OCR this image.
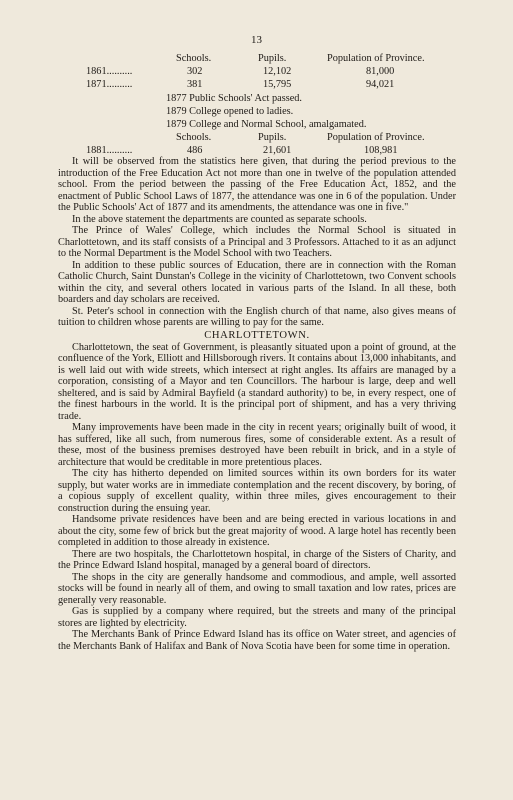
13
Schools.	Pupils.	Population of Province.
1861..........	302	12,102	81,000
1871..........	381	15,795	94,021
1877 Public Schools' Act passed.
1879 College opened to ladies.
1879 College and Normal School, amalgamated.
Schools.	Pupils.	Population of Province.
1881..........	486	21,601	108,981

It will be observed from the statistics here given, that during the period previous to the introduction of the Free Education Act not more than one in twelve of the population attended school. From the period between the passing of the Free Education Act, 1852, and the enactment of Public School Laws of 1877, the attendance was one in 6 of the population. Under the Public Schools' Act of 1877 and its amendments, the attendance was one in five."

In the above statement the departments are counted as separate schools.

The Prince of Wales' College, which includes the Normal School is situated in Charlottetown, and its staff consists of a Principal and 3 Professors. Attached to it as an adjunct to the Normal Department is the Model School with two Teachers.

In addition to these public sources of Education, there are in connection with the Roman Catholic Church, Saint Dunstan's College in the vicinity of Charlottetown, two Convent schools within the city, and several others located in various parts of the Island. In all these, both boarders and day scholars are received.

St. Peter's school in connection with the English church of that name, also gives means of tuition to children whose parents are willing to pay for the same.

CHARLOTTETOWN.

Charlottetown, the seat of Government, is pleasantly situated upon a point of ground, at the confluence of the York, Elliott and Hillsborough rivers. It contains about 13,000 inhabitants, and is well laid out with wide streets, which intersect at right angles. Its affairs are managed by a corporation, consisting of a Mayor and ten Councillors. The harbour is large, deep and well sheltered, and is said by Admiral Bayfield (a standard authority) to be, in every respect, one of the finest harbours in the world. It is the principal port of shipment, and has a very thriving trade.

Many improvements have been made in the city in recent years; originally built of wood, it has suffered, like all such, from numerous fires, some of considerable extent. As a result of these, most of the business premises destroyed have been rebuilt in brick, and in a style of architecture that would be creditable in more pretentious places.

The city has hitherto depended on limited sources within its own borders for its water supply, but water works are in immediate contemplation and the recent discovery, by boring, of a copious supply of excellent quality, within three miles, gives encouragement to their construction during the ensuing year.

Handsome private residences have been and are being erected in various locations in and about the city, some few of brick but the great majority of wood. A large hotel has recently been completed in addition to those already in existence.

There are two hospitals, the Charlottetown hospital, in charge of the Sisters of Charity, and the Prince Edward Island hospital, managed by a general board of directors.

The shops in the city are generally handsome and commodious, and ample, well assorted stocks will be found in nearly all of them, and owing to small taxation and low rates, prices are generally very reasonable.

Gas is supplied by a company where required, but the streets and many of the principal stores are lighted by electricity.

The Merchants Bank of Prince Edward Island has its office on Water street, and agencies of the Merchants Bank of Halifax and Bank of Nova Scotia have been for some time in operation.
